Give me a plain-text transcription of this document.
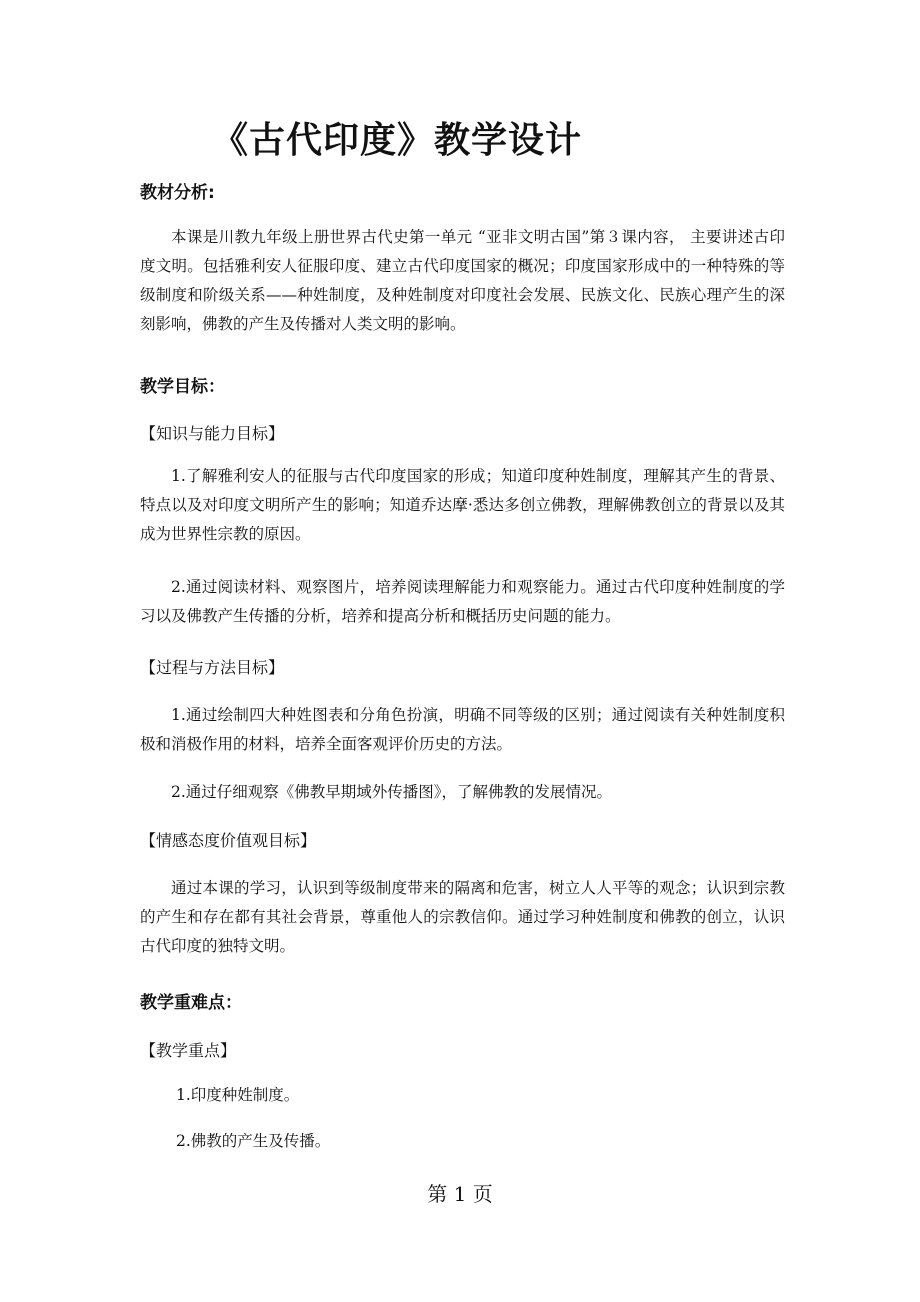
《古代印度》教学设计
教材分析:

本课是川教九年级上册世界古代史第一单元 “亚非文明古国”第３课内容， 主要讲述古印度文明。包括雅利安人征服印度、建立古代印度国家的概况；印度国家形成中的一种特殊的等级制度和阶级关系——种姓制度，及种姓制度对印度社会发展、民族文化、民族心理产生的深刻影响，佛教的产生及传播对人类文明的影响。

教学目标：
【知识与能力目标】

1.了解雅利安人的征服与古代印度国家的形成；知道印度种姓制度，理解其产生的背景、特点以及对印度文明所产生的影响；知道乔达摩·悉达多创立佛教，理解佛教创立的背景以及其成为世界性宗教的原因。

2.通过阅读材料、观察图片，培养阅读理解能力和观察能力。通过古代印度种姓制度的学习以及佛教产生传播的分析，培养和提高分析和概括历史问题的能力。

【过程与方法目标】

1.通过绘制四大种姓图表和分角色扮演，明确不同等级的区别；通过阅读有关种姓制度积极和消极作用的材料，培养全面客观评价历史的方法。

2.通过仔细观察《佛教早期域外传播图》，了解佛教的发展情况。

【情感态度价值观目标】

通过本课的学习，认识到等级制度带来的隔离和危害，树立人人平等的观念；认识到宗教的产生和存在都有其社会背景，尊重他人的宗教信仰。通过学习种姓制度和佛教的创立，认识古代印度的独特文明。

教学重难点：
【教学重点】
1.印度种姓制度。
2.佛教的产生及传播。
第 1 页
